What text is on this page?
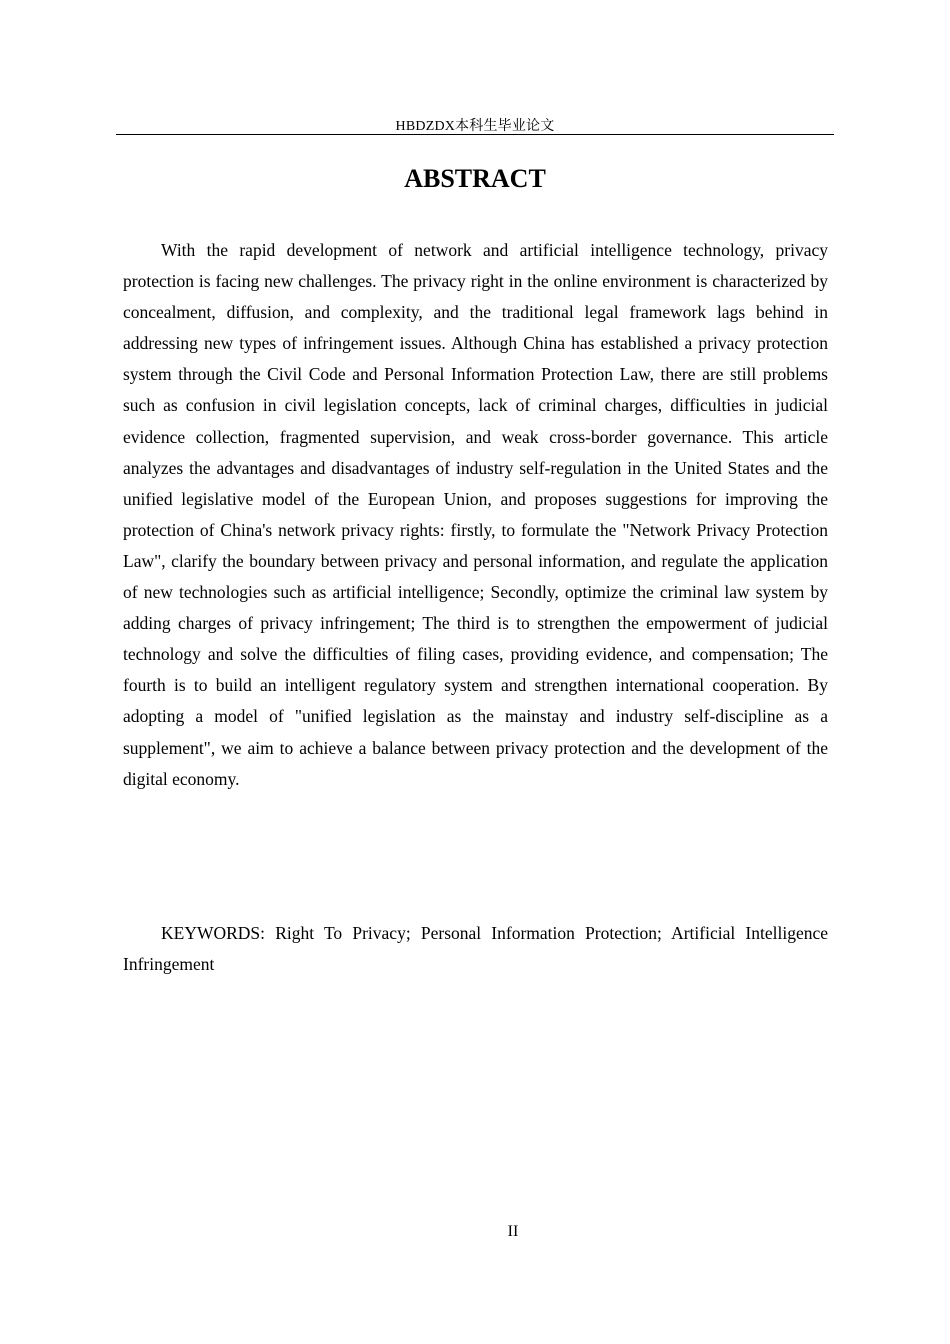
HBDZDX本科生毕业论文
ABSTRACT

With the rapid development of network and artificial intelligence technology, privacy protection is facing new challenges. The privacy right in the online environment is characterized by concealment, diffusion, and complexity, and the traditional legal framework lags behind in addressing new types of infringement issues. Although China has established a privacy protection system through the Civil Code and Personal Information Protection Law, there are still problems such as confusion in civil legislation concepts, lack of criminal charges, difficulties in judicial evidence collection, fragmented supervision, and weak cross-border governance. This article analyzes the advantages and disadvantages of industry self-regulation in the United States and the unified legislative model of the European Union, and proposes suggestions for improving the protection of China's network privacy rights: firstly, to formulate the "Network Privacy Protection Law", clarify the boundary between privacy and personal information, and regulate the application of new technologies such as artificial intelligence; Secondly, optimize the criminal law system by adding charges of privacy infringement; The third is to strengthen the empowerment of judicial technology and solve the difficulties of filing cases, providing evidence, and compensation; The fourth is to build an intelligent regulatory system and strengthen international cooperation. By adopting a model of "unified legislation as the mainstay and industry self-discipline as a supplement", we aim to achieve a balance between privacy protection and the development of the digital economy.

KEYWORDS: Right To Privacy; Personal Information Protection; Artificial Intelligence  Infringement

II
